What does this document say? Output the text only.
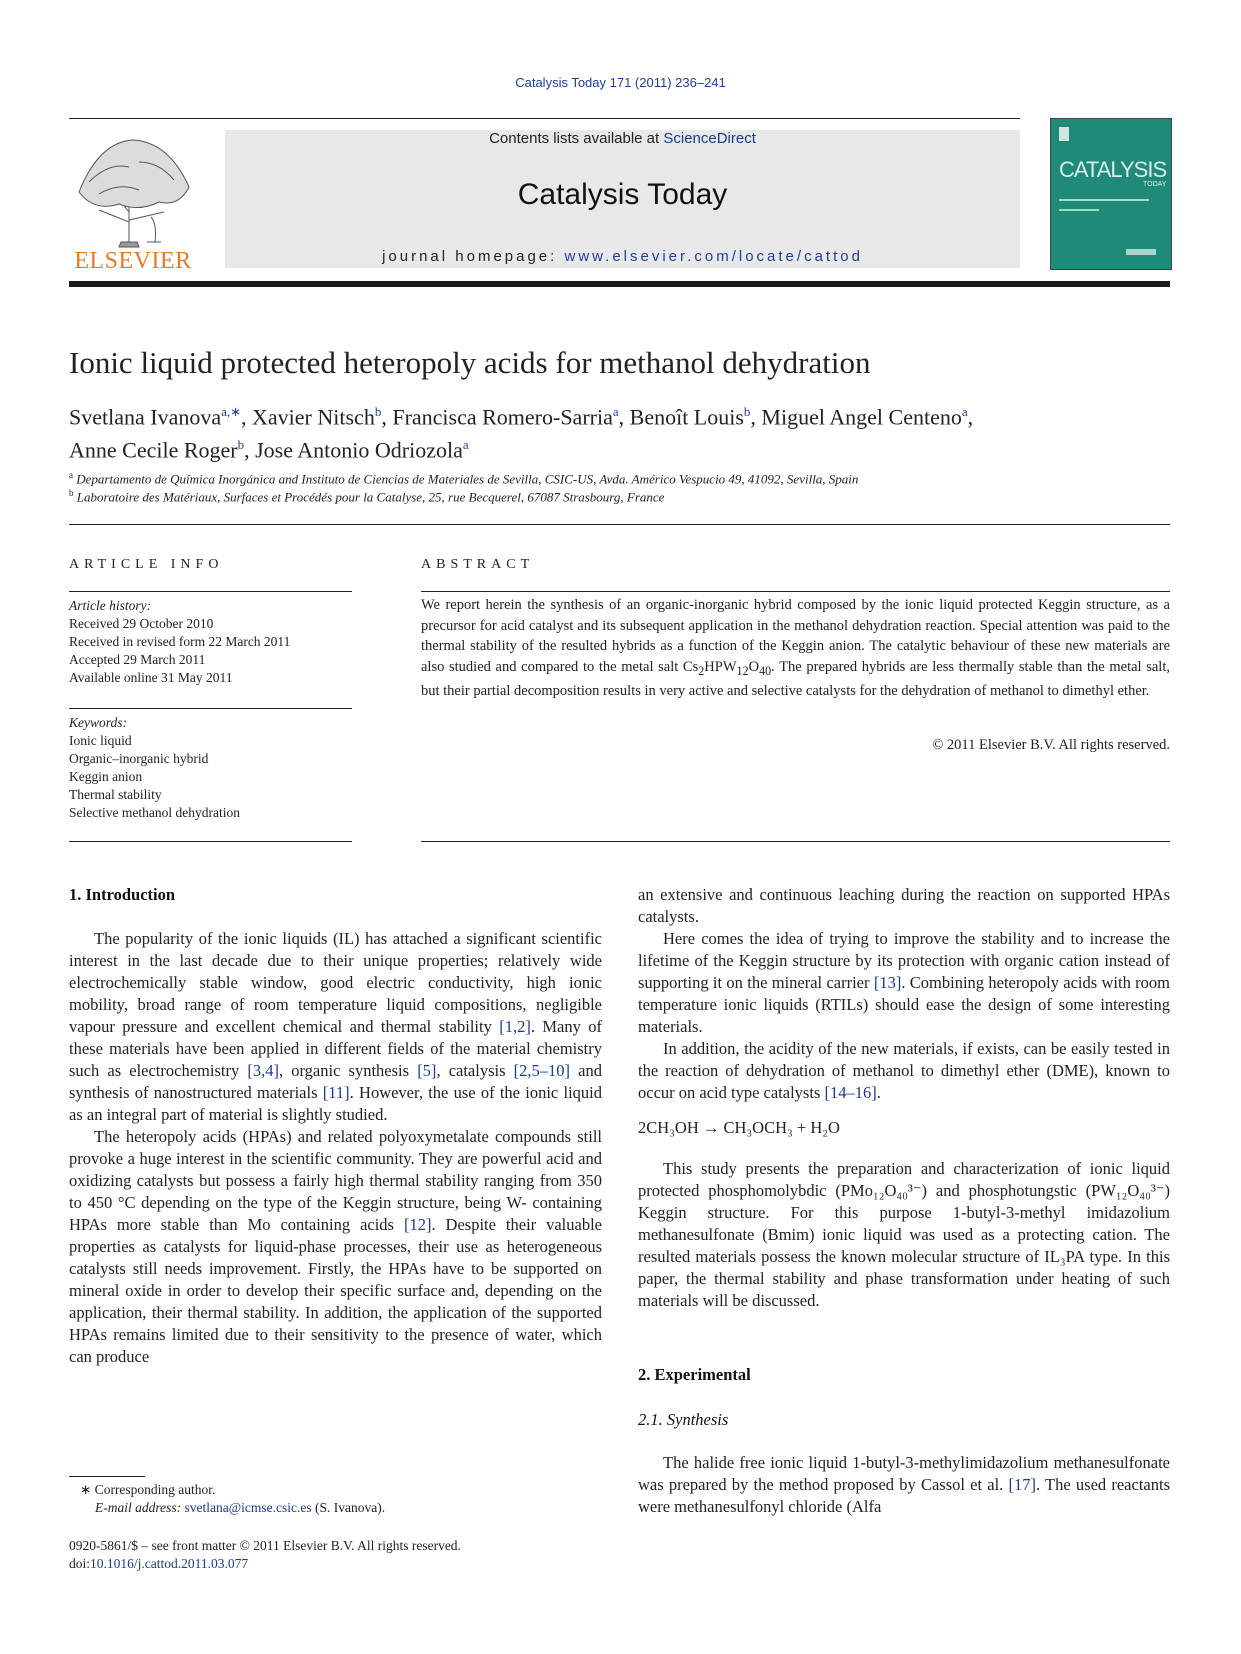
Catalysis Today 171 (2011) 236–241
ELSEVIER
Contents lists available at ScienceDirect
Catalysis Today
journal homepage: www.elsevier.com/locate/cattod
CATALYSIS
TODAY
Ionic liquid protected heteropoly acids for methanol dehydration
Svetlana Ivanova$^{a,∗}$, Xavier Nitsch$^b$, Francisca Romero-Sarria$^a$, Benoît Louis$^b$, Miguel Angel Centeno$^a$,
Anne Cecile Roger$^b$, Jose Antonio Odriozola$^a$
$^a$ Departamento de Química Inorgánica and Instituto de Ciencias de Materiales de Sevilla, CSIC-US, Avda. Américo Vespucio 49, 41092, Sevilla, Spain
$^b$ Laboratoire des Matériaux, Surfaces et Procédés pour la Catalyse, 25, rue Becquerel, 67087 Strasbourg, France
ARTICLE INFO
Article history:
Received 29 October 2010
Received in revised form 22 March 2011
Accepted 29 March 2011
Available online 31 May 2011
Keywords:
Ionic liquid
Organic–inorganic hybrid
Keggin anion
Thermal stability
Selective methanol dehydration
ABSTRACT
We report herein the synthesis of an organic-inorganic hybrid composed by the ionic liquid protected Keggin structure, as a precursor for acid catalyst and its subsequent application in the methanol dehydration reaction. Special attention was paid to the thermal stability of the resulted hybrids as a function of the Keggin anion. The catalytic behaviour of these new materials are also studied and compared to the metal salt $Cs_2HPW_{12}O_{40}$. The prepared hybrids are less thermally stable than the metal salt, but their partial decomposition results in very active and selective catalysts for the dehydration of methanol to dimethyl ether.
© 2011 Elsevier B.V. All rights reserved.
1. Introduction

The popularity of the ionic liquids (IL) has attached a significant scientific interest in the last decade due to their unique properties; relatively wide electrochemically stable window, good electric conductivity, high ionic mobility, broad range of room temperature liquid compositions, negligible vapour pressure and excellent chemical and thermal stability [1,2]. Many of these materials have been applied in different fields of the material chemistry such as electrochemistry [3,4], organic synthesis [5], catalysis [2,5–10] and synthesis of nanostructured materials [11]. However, the use of the ionic liquid as an integral part of material is slightly studied.

The heteropoly acids (HPAs) and related polyoxymetalate compounds still provoke a huge interest in the scientific community. They are powerful acid and oxidizing catalysts but possess a fairly high thermal stability ranging from 350 to 450 °C depending on the type of the Keggin structure, being W- containing HPAs more stable than Mo containing acids [12]. Despite their valuable properties as catalysts for liquid-phase processes, their use as heterogeneous catalysts still needs improvement. Firstly, the HPAs have to be supported on mineral oxide in order to develop their specific surface and, depending on the application, their thermal stability. In addition, the application of the supported HPAs remains limited due to their sensitivity to the presence of water, which can produce

an extensive and continuous leaching during the reaction on supported HPAs catalysts.

Here comes the idea of trying to improve the stability and to increase the lifetime of the Keggin structure by its protection with organic cation instead of supporting it on the mineral carrier [13]. Combining heteropoly acids with room temperature ionic liquids (RTILs) should ease the design of some interesting materials.

In addition, the acidity of the new materials, if exists, can be easily tested in the reaction of dehydration of methanol to dimethyl ether (DME), known to occur on acid type catalysts [14–16].

2CH₃OH → CH₃OCH₃ + H₂O

This study presents the preparation and characterization of ionic liquid protected phosphomolybdic (PMo₁₂O₄₀³⁻) and phosphotungstic (PW₁₂O₄₀³⁻) Keggin structure. For this purpose 1-butyl-3-methyl imidazolium methanesulfonate (Bmim) ionic liquid was used as a protecting cation. The resulted materials possess the known molecular structure of IL₃PA type. In this paper, the thermal stability and phase transformation under heating of such materials will be discussed.

2. Experimental
2.1. Synthesis

The halide free ionic liquid 1-butyl-3-methylimidazolium methanesulfonate was prepared by the method proposed by Cassol et al. [17]. The used reactants were methanesulfonyl chloride (Alfa

∗ Corresponding author.
E-mail address: svetlana@icmse.csic.es (S. Ivanova).
0920-5861/$ – see front matter © 2011 Elsevier B.V. All rights reserved.
doi:10.1016/j.cattod.2011.03.077
